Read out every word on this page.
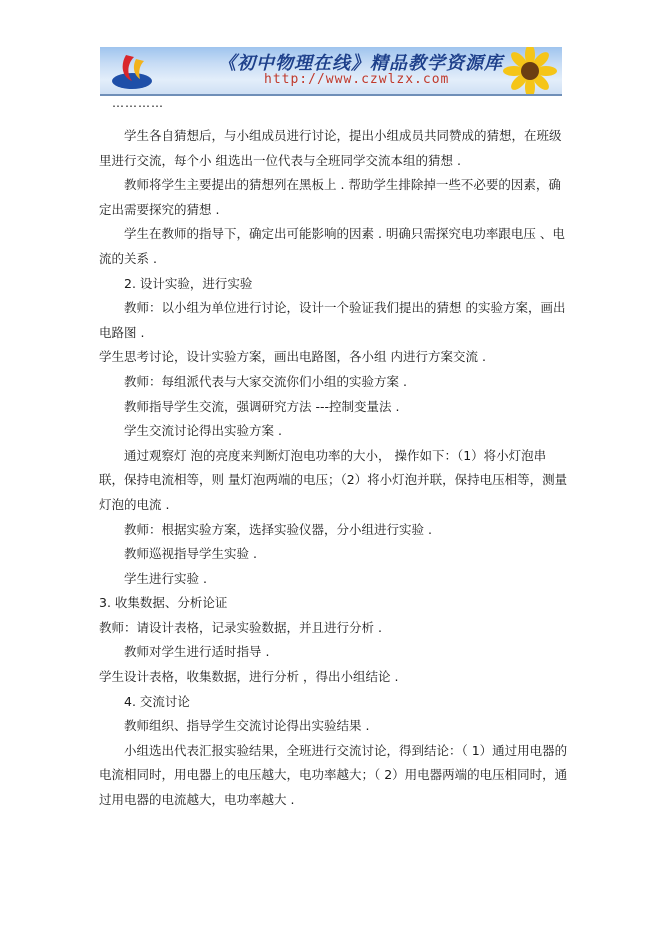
《初中物理在线》精品教学资源库
http://www.czwlzx.com
…………

学生各自猜想后，与小组成员进行讨论，提出小组成员共同赞成的猜想，在班级里进行交流，每个小 组选出一位代表与全班同学交流本组的猜想 .

教师将学生主要提出的猜想列在黑板上 . 帮助学生排除掉一些不必要的因素，确定出需要探究的猜想 .

学生在教师的指导下，确定出可能影响的因素 . 明确只需探究电功率跟电压 、电流的关系 .

2. 设计实验，进行实验

教师：以小组为单位进行讨论，设计一个验证我们提出的猜想 的实验方案，画出电路图 .

学生思考讨论，设计实验方案，画出电路图，各小组 内进行方案交流 .

教师：每组派代表与大家交流你们小组的实验方案 .

教师指导学生交流，强调研究方法 ---控制变量法 .

学生交流讨论得出实验方案 .

通过观察灯 泡的亮度来判断灯泡电功率的大小， 操作如下：（1）将小灯泡串联，保持电流相等，则 量灯泡两端的电压；（2）将小灯泡并联，保持电压相等，测量灯泡的电流 .

教师：根据实验方案，选择实验仪器，分小组进行实验 .

教师巡视指导学生实验 .

学生进行实验 .

3. 收集数据、分析论证

教师：请设计表格，记录实验数据，并且进行分析 .

教师对学生进行适时指导 .

学生设计表格，收集数据，进行分析 ，得出小组结论 .

4. 交流讨论

教师组织、指导学生交流讨论得出实验结果 .

小组选出代表汇报实验结果，全班进行交流讨论，得到结论：（ 1）通过用电器的电流相同时，用电器上的电压越大，电功率越大；（ 2）用电器两端的电压相同时，通过用电器的电流越大，电功率越大 .
